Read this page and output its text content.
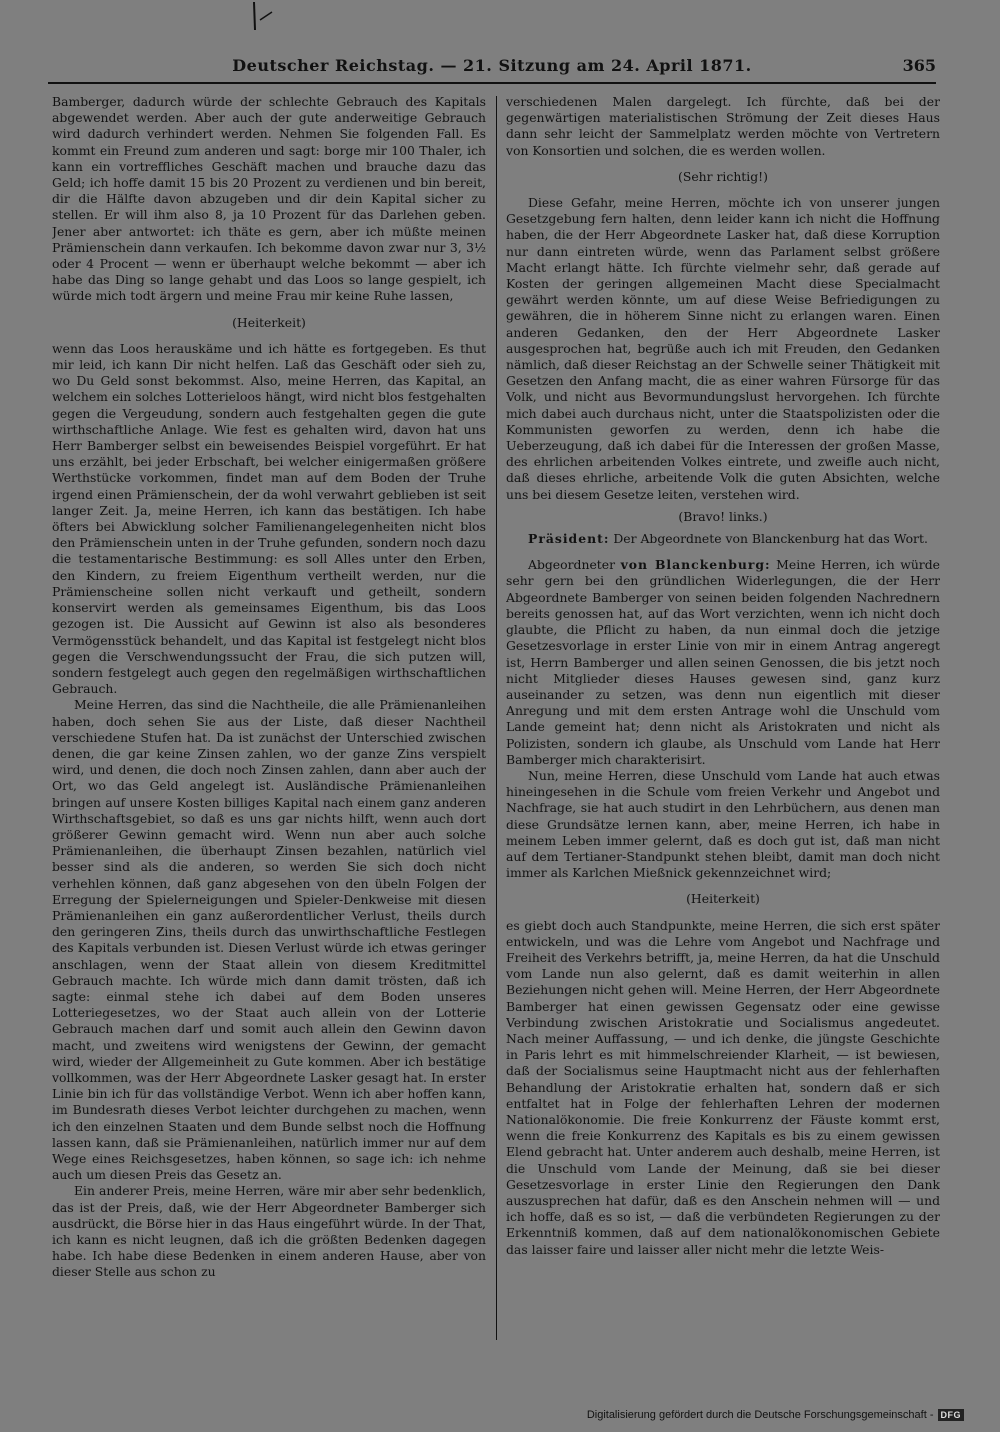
Deutscher Reichstag. — 21. Sitzung am 24. April 1871.	365

Bamberger, dadurch würde der schlechte Gebrauch des Kapitals abgewendet werden. Aber auch der gute anderweitige Gebrauch wird dadurch verhindert werden. Nehmen Sie folgenden Fall. Es kommt ein Freund zum anderen und sagt: borge mir 100 Thaler, ich kann ein vortreffliches Geschäft machen und brauche dazu das Geld; ich hoffe damit 15 bis 20 Prozent zu verdienen und bin bereit, dir die Hälfte davon abzugeben und dir dein Kapital sicher zu stellen. Er will ihm also 8, ja 10 Prozent für das Darlehen geben. Jener aber antwortet: ich thäte es gern, aber ich müßte meinen Prämienschein dann verkaufen. Ich bekomme davon zwar nur 3, 3½ oder 4 Procent — wenn er überhaupt welche bekommt — aber ich habe das Ding so lange gehabt und das Loos so lange gespielt, ich würde mich todt ärgern und meine Frau mir keine Ruhe lassen,

(Heiterkeit)

wenn das Loos herauskäme und ich hätte es fortgegeben. Es thut mir leid, ich kann Dir nicht helfen. Laß das Geschäft oder sieh zu, wo Du Geld sonst bekommst. Also, meine Herren, das Kapital, an welchem ein solches Lotterieloos hängt, wird nicht blos festgehalten gegen die Vergeudung, sondern auch festgehalten gegen die gute wirthschaftliche Anlage. Wie fest es gehalten wird, davon hat uns Herr Bamberger selbst ein beweisendes Beispiel vorgeführt. Er hat uns erzählt, bei jeder Erbschaft, bei welcher einigermaßen größere Werthstücke vorkommen, findet man auf dem Boden der Truhe irgend einen Prämienschein, der da wohl verwahrt geblieben ist seit langer Zeit. Ja, meine Herren, ich kann das bestätigen. Ich habe öfters bei Abwicklung solcher Familienangelegenheiten nicht blos den Prämienschein unten in der Truhe gefunden, sondern noch dazu die testamentarische Bestimmung: es soll Alles unter den Erben, den Kindern, zu freiem Eigenthum vertheilt werden, nur die Prämienscheine sollen nicht verkauft und getheilt, sondern konservirt werden als gemeinsames Eigenthum, bis das Loos gezogen ist. Die Aussicht auf Gewinn ist also als besonderes Vermögensstück behandelt, und das Kapital ist festgelegt nicht blos gegen die Verschwendungssucht der Frau, die sich putzen will, sondern festgelegt auch gegen den regelmäßigen wirthschaftlichen Gebrauch.

Meine Herren, das sind die Nachtheile, die alle Prämienanleihen haben, doch sehen Sie aus der Liste, daß dieser Nachtheil verschiedene Stufen hat. Da ist zunächst der Unterschied zwischen denen, die gar keine Zinsen zahlen, wo der ganze Zins verspielt wird, und denen, die doch noch Zinsen zahlen, dann aber auch der Ort, wo das Geld angelegt ist. Ausländische Prämienanleihen bringen auf unsere Kosten billiges Kapital nach einem ganz anderen Wirthschaftsgebiet, so daß es uns gar nichts hilft, wenn auch dort größerer Gewinn gemacht wird. Wenn nun aber auch solche Prämienanleihen, die überhaupt Zinsen bezahlen, natürlich viel besser sind als die anderen, so werden Sie sich doch nicht verhehlen können, daß ganz abgesehen von den übeln Folgen der Erregung der Spielerneigungen und Spieler-Denkweise mit diesen Prämienanleihen ein ganz außerordentlicher Verlust, theils durch den geringeren Zins, theils durch das unwirthschaftliche Festlegen des Kapitals verbunden ist. Diesen Verlust würde ich etwas geringer anschlagen, wenn der Staat allein von diesem Kreditmittel Gebrauch machte. Ich würde mich dann damit trösten, daß ich sagte: einmal stehe ich dabei auf dem Boden unseres Lotteriegesetzes, wo der Staat auch allein von der Lotterie Gebrauch machen darf und somit auch allein den Gewinn davon macht, und zweitens wird wenigstens der Gewinn, der gemacht wird, wieder der Allgemeinheit zu Gute kommen. Aber ich bestätige vollkommen, was der Herr Abgeordnete Lasker gesagt hat. In erster Linie bin ich für das vollständige Verbot. Wenn ich aber hoffen kann, im Bundesrath dieses Verbot leichter durchgehen zu machen, wenn ich den einzelnen Staaten und dem Bunde selbst noch die Hoffnung lassen kann, daß sie Prämienanleihen, natürlich immer nur auf dem Wege eines Reichsgesetzes, haben können, so sage ich: ich nehme auch um diesen Preis das Gesetz an.

Ein anderer Preis, meine Herren, wäre mir aber sehr bedenklich, das ist der Preis, daß, wie der Herr Abgeordneter Bamberger sich ausdrückt, die Börse hier in das Haus eingeführt würde. In der That, ich kann es nicht leugnen, daß ich die größten Bedenken dagegen habe. Ich habe diese Bedenken in einem anderen Hause, aber von dieser Stelle aus schon zu

verschiedenen Malen dargelegt. Ich fürchte, daß bei der gegenwärtigen materialistischen Strömung der Zeit dieses Haus dann sehr leicht der Sammelplatz werden möchte von Vertretern von Konsortien und solchen, die es werden wollen.

(Sehr richtig!)

Diese Gefahr, meine Herren, möchte ich von unserer jungen Gesetzgebung fern halten, denn leider kann ich nicht die Hoffnung haben, die der Herr Abgeordnete Lasker hat, daß diese Korruption nur dann eintreten würde, wenn das Parlament selbst größere Macht erlangt hätte. Ich fürchte vielmehr sehr, daß gerade auf Kosten der geringen allgemeinen Macht diese Specialmacht gewährt werden könnte, um auf diese Weise Befriedigungen zu gewähren, die in höherem Sinne nicht zu erlangen waren. Einen anderen Gedanken, den der Herr Abgeordnete Lasker ausgesprochen hat, begrüße auch ich mit Freuden, den Gedanken nämlich, daß dieser Reichstag an der Schwelle seiner Thätigkeit mit Gesetzen den Anfang macht, die as einer wahren Fürsorge für das Volk, und nicht aus Bevormundungslust hervorgehen. Ich fürchte mich dabei auch durchaus nicht, unter die Staatspolizisten oder die Kommunisten geworfen zu werden, denn ich habe die Ueberzeugung, daß ich dabei für die Interessen der großen Masse, des ehrlichen arbeitenden Volkes eintrete, und zweifle auch nicht, daß dieses ehrliche, arbeitende Volk die guten Absichten, welche uns bei diesem Gesetze leiten, verstehen wird.

(Bravo! links.)

Präsident: Der Abgeordnete von Blanckenburg hat das Wort.

Abgeordneter von Blanckenburg: Meine Herren, ich würde sehr gern bei den gründlichen Widerlegungen, die der Herr Abgeordnete Bamberger von seinen beiden folgenden Nachrednern bereits genossen hat, auf das Wort verzichten, wenn ich nicht doch glaubte, die Pflicht zu haben, da nun einmal doch die jetzige Gesetzesvorlage in erster Linie von mir in einem Antrag angeregt ist, Herrn Bamberger und allen seinen Genossen, die bis jetzt noch nicht Mitglieder dieses Hauses gewesen sind, ganz kurz auseinander zu setzen, was denn nun eigentlich mit dieser Anregung und mit dem ersten Antrage wohl die Unschuld vom Lande gemeint hat; denn nicht als Aristokraten und nicht als Polizisten, sondern ich glaube, als Unschuld vom Lande hat Herr Bamberger mich charakterisirt.

Nun, meine Herren, diese Unschuld vom Lande hat auch etwas hineingesehen in die Schule vom freien Verkehr und Angebot und Nachfrage, sie hat auch studirt in den Lehrbüchern, aus denen man diese Grundsätze lernen kann, aber, meine Herren, ich habe in meinem Leben immer gelernt, daß es doch gut ist, daß man nicht auf dem Tertianer-Standpunkt stehen bleibt, damit man doch nicht immer als Karlchen Mießnick gekennzeichnet wird;

(Heiterkeit)

es giebt doch auch Standpunkte, meine Herren, die sich erst später entwickeln, und was die Lehre vom Angebot und Nachfrage und Freiheit des Verkehrs betrifft, ja, meine Herren, da hat die Unschuld vom Lande nun also gelernt, daß es damit weiterhin in allen Beziehungen nicht gehen will. Meine Herren, der Herr Abgeordnete Bamberger hat einen gewissen Gegensatz oder eine gewisse Verbindung zwischen Aristokratie und Socialismus angedeutet. Nach meiner Auffassung, — und ich denke, die jüngste Geschichte in Paris lehrt es mit himmelschreiender Klarheit, — ist bewiesen, daß der Socialismus seine Hauptmacht nicht aus der fehlerhaften Behandlung der Aristokratie erhalten hat, sondern daß er sich entfaltet hat in Folge der fehlerhaften Lehren der modernen Nationalökonomie. Die freie Konkurrenz der Fäuste kommt erst, wenn die freie Konkurrenz des Kapitals es bis zu einem gewissen Elend gebracht hat. Unter anderem auch deshalb, meine Herren, ist die Unschuld vom Lande der Meinung, daß sie bei dieser Gesetzesvorlage in erster Linie den Regierungen den Dank auszusprechen hat dafür, daß es den Anschein nehmen will — und ich hoffe, daß es so ist, — daß die verbündeten Regierungen zu der Erkenntniß kommen, daß auf dem nationalökonomischen Gebiete das laisser faire und laisser aller nicht mehr die letzte Weis-

Digitalisierung gefördert durch die Deutsche Forschungsgemeinschaft - DFG
